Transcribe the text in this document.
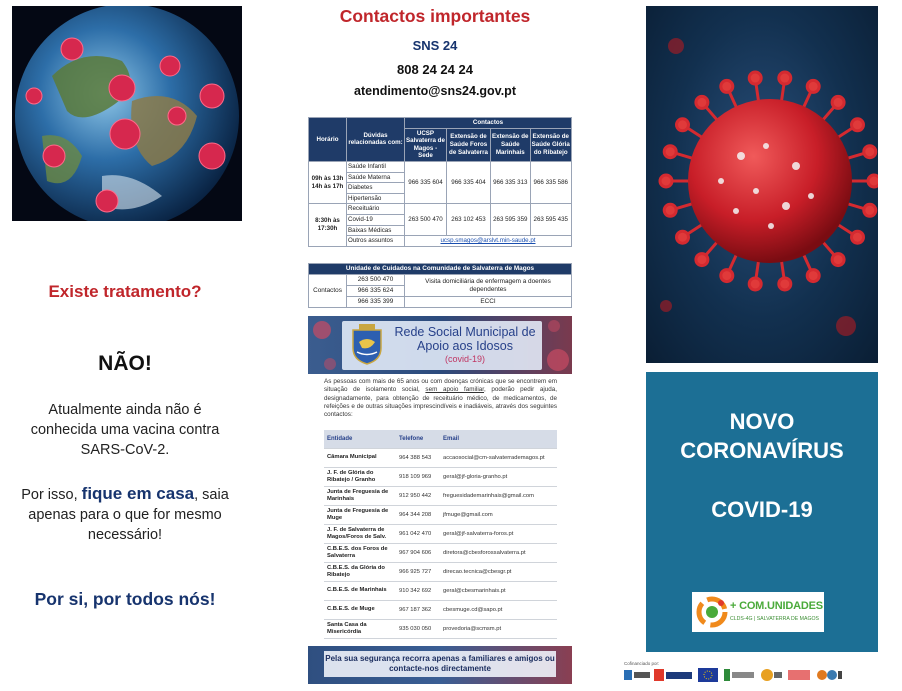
Existe tratamento?
NÃO!
Atualmente ainda não é conhecida uma vacina contra SARS-CoV-2.
Por isso, fique em casa, saia apenas para o que for mesmo necessário!
Por si, por todos nós!
Contactos importantes
SNS 24
808 24 24 24
atendimento@sns24.gov.pt
Horário	Dúvidas relacionadas com:	Contactos			
		UCSP Salvaterra de Magos - Sede	Extensão de Saúde Foros de Salvaterra	Extensão de Saúde Marinhais	Extensão de Saúde Glória do Ribatejo
09h às 13h 14h às 17h	Saúde Infantil	966 335 604	966 335 404	966 335 313	966 335 586
	Saúde Materna				
	Diabetes				
	Hipertensão				
8:30h às 17:30h	Receituário	263 500 470	263 102 453	263 595 359	263 595 435
	Covid-19				
	Baixas Médicas				
	Outros assuntos	ucsp.smagos@arslvt.min-saude.pt			
Unidade de Cuidados na Comunidade de Salvaterra de Magos		
Contactos	263 500 470	Visita domiciliária de enfermagem a doentes dependentes
	966 335 624	
	966 335 399	ECCI
Rede Social Municipal de Apoio aos Idosos
(covid-19)
As pessoas com mais de 65 anos ou com doenças crónicas que se encontrem em situação de isolamento social, sem apoio familiar, poderão pedir ajuda, designadamente, para obtenção de receituário médico, de medicamentos, de refeições e de outras situações imprescindíveis e inadiáveis, através dos seguintes contactos:
Entidade	Telefone	Email
Câmara Municipal	964 388 543	accaosocial@cm-salvaterrademagos.pt
J. F. de Glória do Ribatejo / Granho	918 109 969	geral@jf-gloria-granho.pt
Junta de Freguesia de Marinhais	912 950 442	freguesidademarinhais@gmail.com
Junta de Freguesia de Muge	964 344 208	jfmuge@gmail.com
J. F. de Salvaterra de Magos/Foros de Salv.	961 042 470	geral@jf-salvaterra-foros.pt
C.B.E.S. dos Foros de Salvaterra	967 904 606	diretora@cbesforossalvaterra.pt
C.B.E.S. da Glória do Ribatejo	966 925 727	direcao.tecnica@cbesgr.pt
C.B.E.S. de Marinhais	910 342 692	geral@cbesmarinhais.pt
C.B.E.S. de Muge	967 187 362	cbesmuge.cd@sapo.pt
Santa Casa da Misericórdia	935 030 050	provedoria@scmsm.pt
Pela sua segurança recorra apenas a familiares e amigos ou contacte-nos directamente
NOVO
CORONAVÍRUS
COVID-19
+ COM.UNIDADES
CLDS-4G | SALVATERRA DE MAGOS
Cofinanciado por:
